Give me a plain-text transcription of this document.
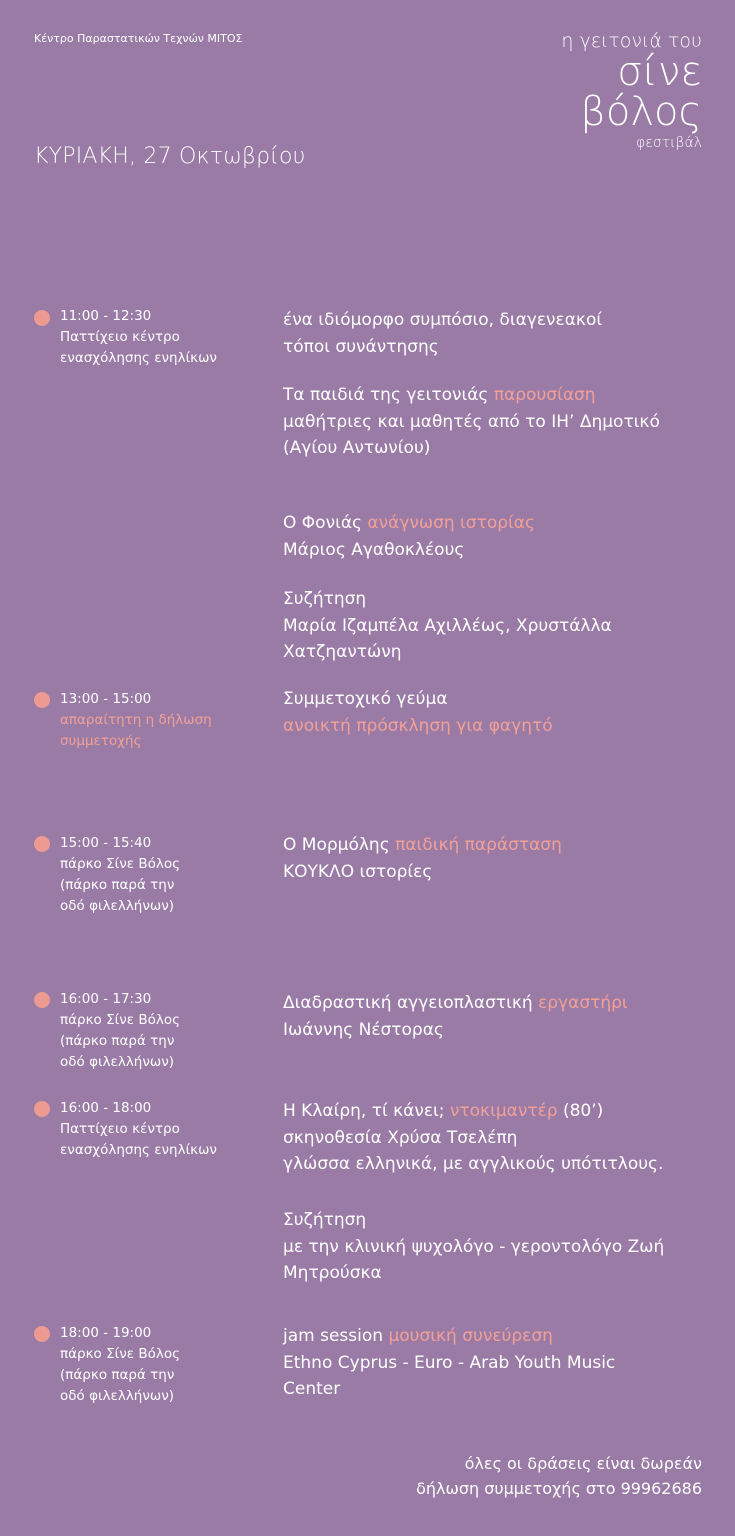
Κέντρο Παραστατικών Τεχνών ΜΙΤΟΣ
ΚΥΡΙΑΚΗ, 27 Οκτωβρίου
η γειτονιά του
σίνε
βόλος
φεστιβάλ
11:00 - 12:30
Παττίχειο κέντρο
ενασχόλησης ενηλίκων
ένα ιδιόμορφο συμπόσιο, διαγενεακοί
τόποι συνάντησης
Τα παιδιά της γειτονιάς παρουσίαση
μαθήτριες και μαθητές από το ΙΗ’ Δημοτικό
(Αγίου Αντωνίου)
Ο Φονιάς ανάγνωση ιστορίας
Μάριος Αγαθοκλέους
Συζήτηση
Μαρία Ιζαμπέλα Αχιλλέως, Χρυστάλλα
Χατζηαντώνη
13:00 - 15:00
απαραίτητη η δήλωση
συμμετοχής
Συμμετοχικό γεύμα
ανοικτή πρόσκληση για φαγητό
15:00 - 15:40
πάρκο Σίνε Βόλος
(πάρκο παρά την
οδό φιλελλήνων)
Ο Μορμόλης παιδική παράσταση
ΚΟΥΚΛΟ ιστορίες
16:00 - 17:30
πάρκο Σίνε Βόλος
(πάρκο παρά την
οδό φιλελλήνων)
Διαδραστική αγγειοπλαστική εργαστήρι
Ιωάννης Νέστορας
16:00 - 18:00
Παττίχειο κέντρο
ενασχόλησης ενηλίκων
Η Κλαίρη, τί κάνει; ντοκιμαντέρ (80’)
σκηνοθεσία Χρύσα Τσελέπη
γλώσσα ελληνικά, με αγγλικούς υπότιτλους.
Συζήτηση
με την κλινική ψυχολόγο - γεροντολόγο Ζωή
Μητρούσκα
18:00 - 19:00
πάρκο Σίνε Βόλος
(πάρκο παρά την
οδό φιλελλήνων)
jam session μουσική συνεύρεση
Ethno Cyprus - Euro - Arab Youth Music
Center
όλες οι δράσεις είναι δωρεάν
δήλωση συμμετοχής στο 99962686
